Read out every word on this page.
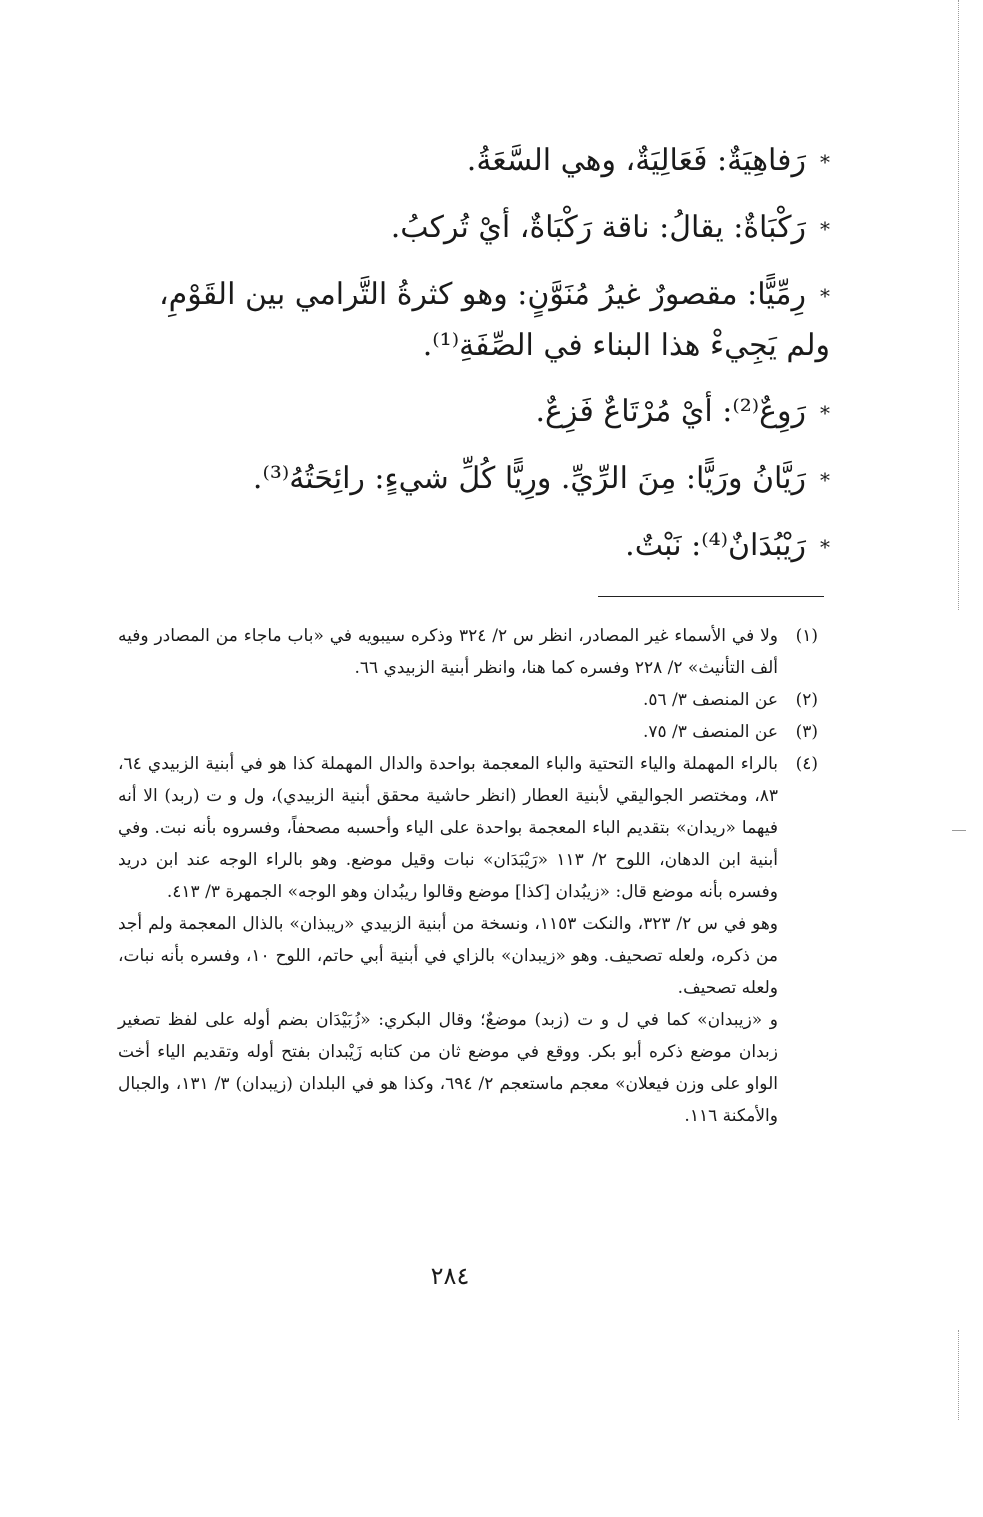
*رَفاهِيَةٌ: فَعَالِيَةٌ، وهي السَّعَةُ.

*رَكْبَاةٌ: يقالُ: ناقة رَكْبَاةٌ، أيْ تُركبُ.

*رِمِّيًّا: مقصورٌ غيرُ مُنَوَّنٍ: وهو كثرةُ التَّرامي بين القَوْمِ، ولم يَجِيءْ هذا البناء في الصِّفَةِ⁽¹⁾.

*رَوِعٌ⁽²⁾: أيْ مُرْتَاعٌ فَزِعٌ.

*رَيَّانُ ورَيًّا: مِنَ الرِّيِّ. ورِيًّا كُلِّ شيءٍ: رائِحَتُهُ⁽³⁾.

*رَيْبُدَانٌ⁽⁴⁾: نَبْتٌ.

(١)

ولا في الأسماء غير المصادر، انظر س ٢/ ٣٢٤ وذكره سيبويه في «باب ماجاء من المصادر وفيه ألف التأنيث» ٢/ ٢٢٨ وفسره كما هنا، وانظر أبنية الزبيدي ٦٦.

(٢)

عن المنصف ٣/ ٥٦.

(٣)

عن المنصف ٣/ ٧٥.

(٤)

بالراء المهملة والياء التحتية والباء المعجمة بواحدة والدال المهملة كذا هو في أبنية الزبيدي ٦٤، ٨٣، ومختصر الجواليقي لأبنية العطار (انظر حاشية محقق أبنية الزبيدي)، ول و ت (ربد) الا أنه فيهما «ريدان» بتقديم الباء المعجمة بواحدة على الياء وأحسبه مصحفاً، وفسروه بأنه نبت. وفي أبنية ابن الدهان، اللوح ٢/ ١١٣ «رَيْبَدَان» نبات وقيل موضع. وهو بالراء الوجه عند ابن دريد وفسره بأنه موضع قال: «زيبُدان [كذا] موضع وقالوا ريبُدان وهو الوجه» الجمهرة ٣/ ٤١٣.

وهو في س ٢/ ٣٢٣، والنكت ١١٥٣، ونسخة من أبنية الزبيدي «ريبذان» بالذال المعجمة ولم أجد من ذكره، ولعله تصحيف. وهو «زيبدان» بالزاي في أبنية أبي حاتم، اللوح ١٠، وفسره بأنه نبات، ولعله تصحيف.

و «زيبدان» كما في ل و ت (زبد) موضعٌ؛ وقال البكري: «زُبَيْدَان بضم أوله على لفظ تصغير زبدان موضع ذكره أبو بكر. ووقع في موضع ثان من كتابه زَيْبدان بفتح أوله وتقديم الياء أخت الواو على وزن فيعلان» معجم ماستعجم ٢/ ٦٩٤، وكذا هو في البلدان (زيبدان) ٣/ ١٣١، والجبال والأمكنة ١١٦.

٢٨٤
